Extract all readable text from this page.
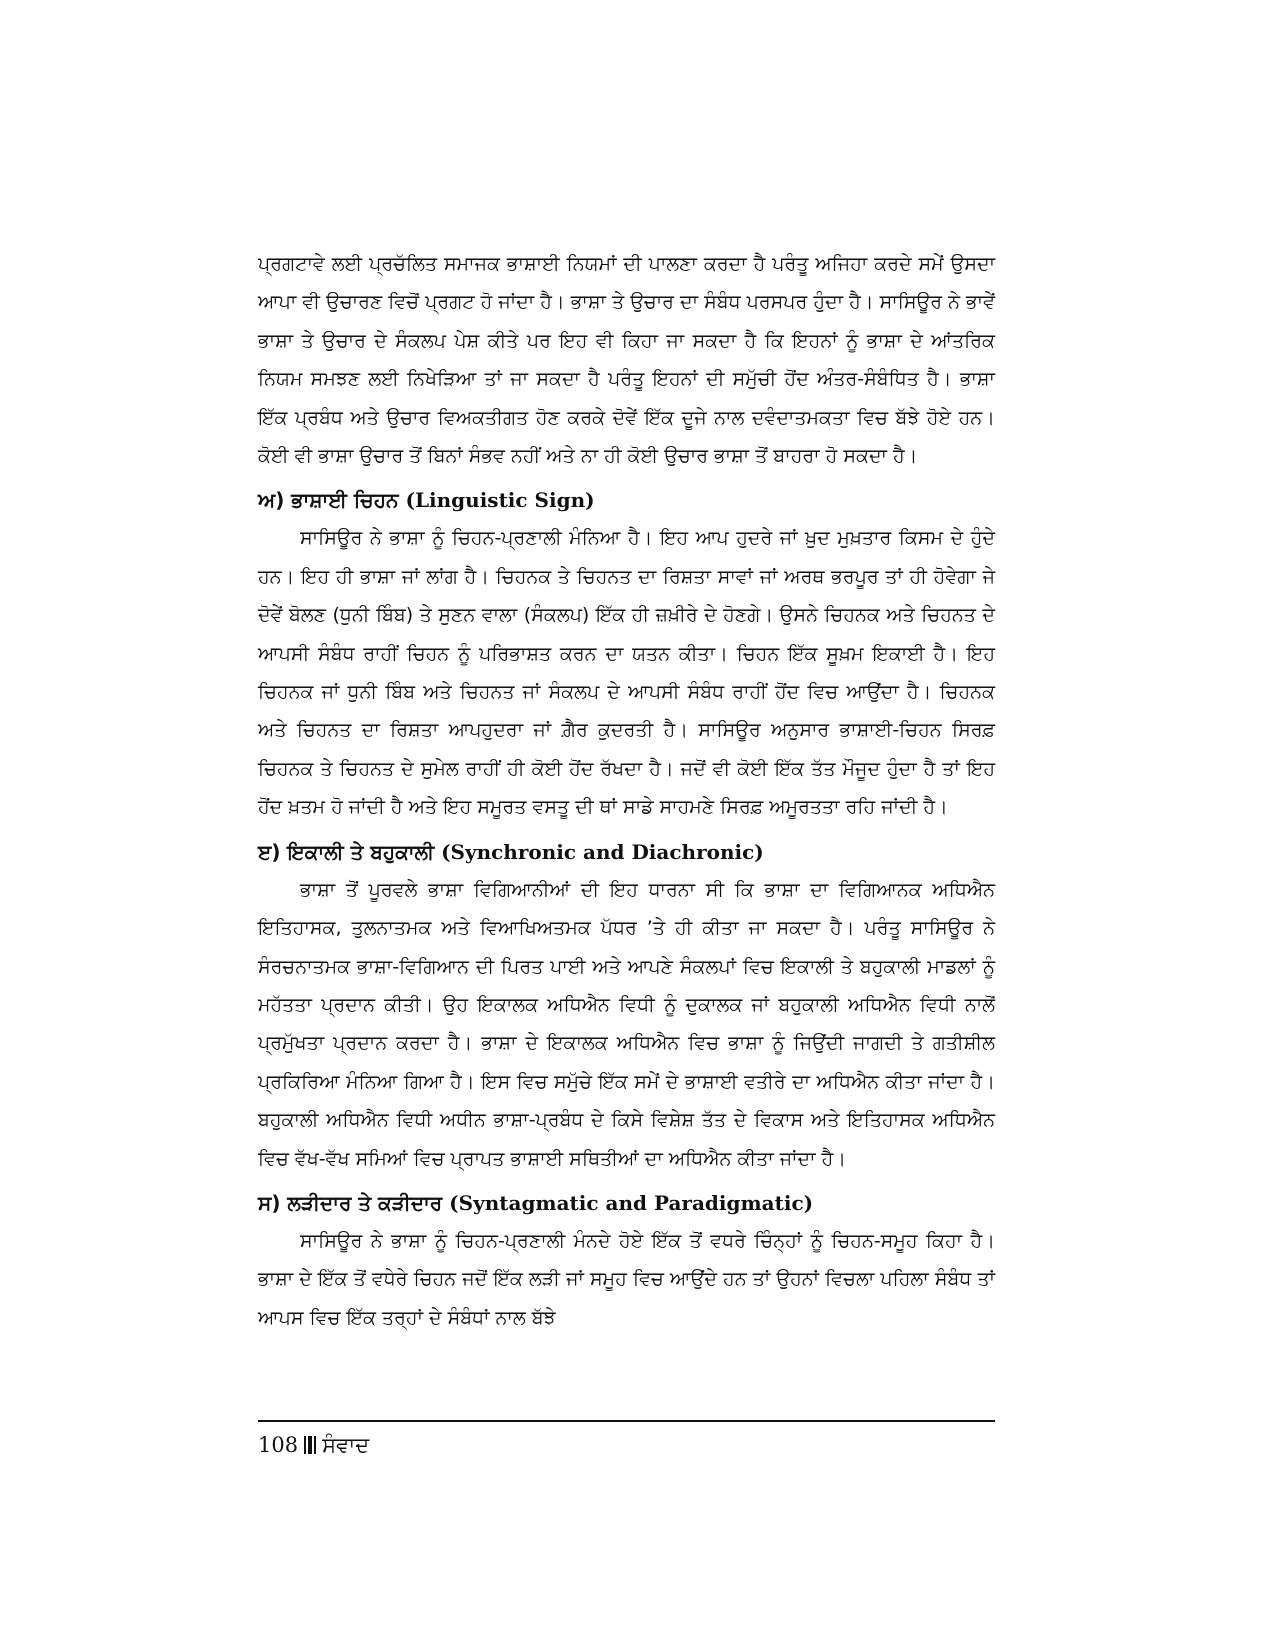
ਪ੍ਰਗਟਾਵੇ ਲਈ ਪ੍ਰਚੱਲਿਤ ਸਮਾਜਕ ਭਾਸ਼ਾਈ ਨਿਯਮਾਂ ਦੀ ਪਾਲਣਾ ਕਰਦਾ ਹੈ ਪਰੰਤੂ ਅਜਿਹਾ ਕਰਦੇ ਸਮੇਂ ਉਸਦਾ ਆਪਾ ਵੀ ਉਚਾਰਣ ਵਿਚੋਂ ਪ੍ਰਗਟ ਹੋ ਜਾਂਦਾ ਹੈ। ਭਾਸ਼ਾ ਤੇ ਉਚਾਰ ਦਾ ਸੰਬੰਧ ਪਰਸਪਰ ਹੁੰਦਾ ਹੈ। ਸਾਸਿਊਰ ਨੇ ਭਾਵੇਂ ਭਾਸ਼ਾ ਤੇ ਉਚਾਰ ਦੇ ਸੰਕਲਪ ਪੇਸ਼ ਕੀਤੇ ਪਰ ਇਹ ਵੀ ਕਿਹਾ ਜਾ ਸਕਦਾ ਹੈ ਕਿ ਇਹਨਾਂ ਨੂੰ ਭਾਸ਼ਾ ਦੇ ਆਂਤਰਿਕ ਨਿਯਮ ਸਮਝਣ ਲਈ ਨਿਖੇੜਿਆ ਤਾਂ ਜਾ ਸਕਦਾ ਹੈ ਪਰੰਤੂ ਇਹਨਾਂ ਦੀ ਸਮੁੱਚੀ ਹੋਂਦ ਅੰਤਰ-ਸੰਬੰਧਿਤ ਹੈ। ਭਾਸ਼ਾ ਇੱਕ ਪ੍ਰਬੰਧ ਅਤੇ ਉਚਾਰ ਵਿਅਕਤੀਗਤ ਹੋਣ ਕਰਕੇ ਦੋਵੇਂ ਇੱਕ ਦੂਜੇ ਨਾਲ ਦਵੰਦਾਤਮਕਤਾ ਵਿਚ ਬੱਝੇ ਹੋਏ ਹਨ। ਕੋਈ ਵੀ ਭਾਸ਼ਾ ਉਚਾਰ ਤੋਂ ਬਿਨਾਂ ਸੰਭਵ ਨਹੀਂ ਅਤੇ ਨਾ ਹੀ ਕੋਈ ਉਚਾਰ ਭਾਸ਼ਾ ਤੋਂ ਬਾਹਰਾ ਹੋ ਸਕਦਾ ਹੈ।

ਅ) ਭਾਸ਼ਾਈ ਚਿਹਨ (Linguistic Sign)

ਸਾਸਿਊਰ ਨੇ ਭਾਸ਼ਾ ਨੂੰ ਚਿਹਨ-ਪ੍ਰਣਾਲੀ ਮੰਨਿਆ ਹੈ। ਇਹ ਆਪ ਹੁਦਰੇ ਜਾਂ ਖ਼ੁਦ ਮੁਖ਼ਤਾਰ ਕਿਸਮ ਦੇ ਹੁੰਦੇ ਹਨ। ਇਹ ਹੀ ਭਾਸ਼ਾ ਜਾਂ ਲਾਂਗ ਹੈ। ਚਿਹਨਕ ਤੇ ਚਿਹਨਤ ਦਾ ਰਿਸ਼ਤਾ ਸਾਵਾਂ ਜਾਂ ਅਰਥ ਭਰਪੂਰ ਤਾਂ ਹੀ ਹੋਵੇਗਾ ਜੇ ਦੋਵੇਂ ਬੋਲਣ (ਧੁਨੀ ਬਿੰਬ) ਤੇ ਸੁਣਨ ਵਾਲਾ (ਸੰਕਲਪ) ਇੱਕ ਹੀ ਜ਼ਖ਼ੀਰੇ ਦੇ ਹੋਣਗੇ। ਉਸਨੇ ਚਿਹਨਕ ਅਤੇ ਚਿਹਨਤ ਦੇ ਆਪਸੀ ਸੰਬੰਧ ਰਾਹੀਂ ਚਿਹਨ ਨੂੰ ਪਰਿਭਾਸ਼ਤ ਕਰਨ ਦਾ ਯਤਨ ਕੀਤਾ। ਚਿਹਨ ਇੱਕ ਸੂਖ਼ਮ ਇਕਾਈ ਹੈ। ਇਹ ਚਿਹਨਕ ਜਾਂ ਧੁਨੀ ਬਿੰਬ ਅਤੇ ਚਿਹਨਤ ਜਾਂ ਸੰਕਲਪ ਦੇ ਆਪਸੀ ਸੰਬੰਧ ਰਾਹੀਂ ਹੋਂਦ ਵਿਚ ਆਉਂਦਾ ਹੈ। ਚਿਹਨਕ ਅਤੇ ਚਿਹਨਤ ਦਾ ਰਿਸ਼ਤਾ ਆਪਹੁਦਰਾ ਜਾਂ ਗ਼ੈਰ ਕੁਦਰਤੀ ਹੈ। ਸਾਸਿਊਰ ਅਨੁਸਾਰ ਭਾਸ਼ਾਈ-ਚਿਹਨ ਸਿਰਫ਼ ਚਿਹਨਕ ਤੇ ਚਿਹਨਤ ਦੇ ਸੁਮੇਲ ਰਾਹੀਂ ਹੀ ਕੋਈ ਹੋਂਦ ਰੱਖਦਾ ਹੈ। ਜਦੋਂ ਵੀ ਕੋਈ ਇੱਕ ਤੱਤ ਮੌਜੂਦ ਹੁੰਦਾ ਹੈ ਤਾਂ ਇਹ ਹੋਂਦ ਖ਼ਤਮ ਹੋ ਜਾਂਦੀ ਹੈ ਅਤੇ ਇਹ ਸਮੂਰਤ ਵਸਤੂ ਦੀ ਥਾਂ ਸਾਡੇ ਸਾਹਮਣੇ ਸਿਰਫ਼ ਅਮੂਰਤਤਾ ਰਹਿ ਜਾਂਦੀ ਹੈ।

ੲ) ਇਕਾਲੀ ਤੇ ਬਹੁਕਾਲੀ (Synchronic and Diachronic)

ਭਾਸ਼ਾ ਤੋਂ ਪੂਰਵਲੇ ਭਾਸ਼ਾ ਵਿਗਿਆਨੀਆਂ ਦੀ ਇਹ ਧਾਰਨਾ ਸੀ ਕਿ ਭਾਸ਼ਾ ਦਾ ਵਿਗਿਆਨਕ ਅਧਿਐਨ ਇਤਿਹਾਸਕ, ਤੁਲਨਾਤਮਕ ਅਤੇ ਵਿਆਖਿਅਤਮਕ ਪੱਧਰ ’ਤੇ ਹੀ ਕੀਤਾ ਜਾ ਸਕਦਾ ਹੈ। ਪਰੰਤੂ ਸਾਸਿਊਰ ਨੇ ਸੰਰਚਨਾਤਮਕ ਭਾਸ਼ਾ-ਵਿਗਿਆਨ ਦੀ ਪਿਰਤ ਪਾਈ ਅਤੇ ਆਪਣੇ ਸੰਕਲਪਾਂ ਵਿਚ ਇਕਾਲੀ ਤੇ ਬਹੁਕਾਲੀ ਮਾਡਲਾਂ ਨੂੰ ਮਹੱਤਤਾ ਪ੍ਰਦਾਨ ਕੀਤੀ। ਉਹ ਇਕਾਲਕ ਅਧਿਐਨ ਵਿਧੀ ਨੂੰ ਦੁਕਾਲਕ ਜਾਂ ਬਹੁਕਾਲੀ ਅਧਿਐਨ ਵਿਧੀ ਨਾਲੋਂ ਪ੍ਰਮੁੱਖਤਾ ਪ੍ਰਦਾਨ ਕਰਦਾ ਹੈ। ਭਾਸ਼ਾ ਦੇ ਇਕਾਲਕ ਅਧਿਐਨ ਵਿਚ ਭਾਸ਼ਾ ਨੂੰ ਜਿਉਂਦੀ ਜਾਗਦੀ ਤੇ ਗਤੀਸ਼ੀਲ ਪ੍ਰਕਿਰਿਆ ਮੰਨਿਆ ਗਿਆ ਹੈ। ਇਸ ਵਿਚ ਸਮੁੱਚੇ ਇੱਕ ਸਮੇਂ ਦੇ ਭਾਸ਼ਾਈ ਵਤੀਰੇ ਦਾ ਅਧਿਐਨ ਕੀਤਾ ਜਾਂਦਾ ਹੈ। ਬਹੁਕਾਲੀ ਅਧਿਐਨ ਵਿਧੀ ਅਧੀਨ ਭਾਸ਼ਾ-ਪ੍ਰਬੰਧ ਦੇ ਕਿਸੇ ਵਿਸ਼ੇਸ਼ ਤੱਤ ਦੇ ਵਿਕਾਸ ਅਤੇ ਇਤਿਹਾਸਕ ਅਧਿਐਨ ਵਿਚ ਵੱਖ-ਵੱਖ ਸਮਿਆਂ ਵਿਚ ਪ੍ਰਾਪਤ ਭਾਸ਼ਾਈ ਸਥਿਤੀਆਂ ਦਾ ਅਧਿਐਨ ਕੀਤਾ ਜਾਂਦਾ ਹੈ।

ਸ) ਲੜੀਦਾਰ ਤੇ ਕੜੀਦਾਰ (Syntagmatic and Paradigmatic)

ਸਾਸਿਊਰ ਨੇ ਭਾਸ਼ਾ ਨੂੰ ਚਿਹਨ-ਪ੍ਰਣਾਲੀ ਮੰਨਦੇ ਹੋਏ ਇੱਕ ਤੋਂ ਵਧਰੇ ਚਿੰਨ੍ਹਾਂ ਨੂੰ ਚਿਹਨ-ਸਮੂਹ ਕਿਹਾ ਹੈ। ਭਾਸ਼ਾ ਦੇ ਇੱਕ ਤੋਂ ਵਧੇਰੇ ਚਿਹਨ ਜਦੋਂ ਇੱਕ ਲੜੀ ਜਾਂ ਸਮੂਹ ਵਿਚ ਆਉਂਦੇ ਹਨ ਤਾਂ ਉਹਨਾਂ ਵਿਚਲਾ ਪਹਿਲਾ ਸੰਬੰਧ ਤਾਂ ਆਪਸ ਵਿਚ ਇੱਕ ਤਰ੍ਹਾਂ ਦੇ ਸੰਬੰਧਾਂ ਨਾਲ ਬੱਝੇ

108 ਸੰਵਾਦ
